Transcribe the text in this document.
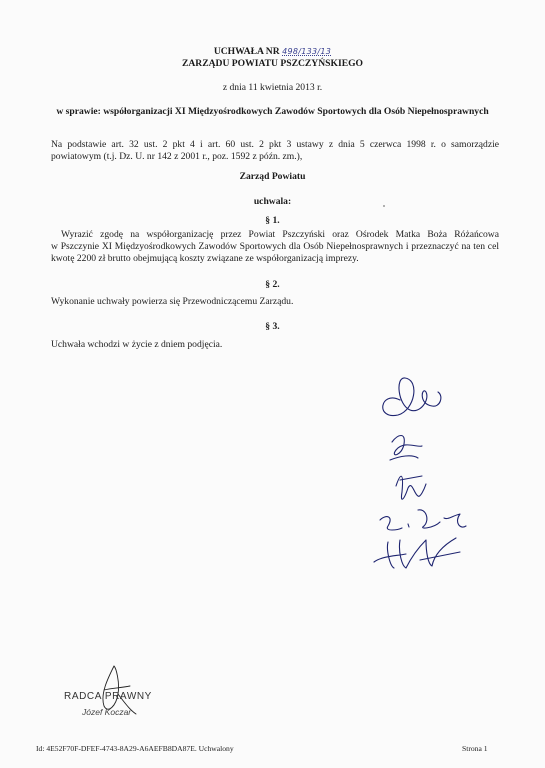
UCHWAŁA NR 498/133/13
ZARZĄDU POWIATU PSZCZYŃSKIEGO
z dnia 11 kwietnia 2013 r.
w sprawie: współorganizacji XI Międzyośrodkowych Zawodów Sportowych dla Osób Niepełnosprawnych
Na podstawie art. 32 ust. 2 pkt 4 i art. 60 ust. 2 pkt 3 ustawy z dnia 5 czerwca 1998 r. o samorządzie
powiatowym (t.j. Dz. U. nr 142 z 2001 r., poz. 1592 z późn. zm.),
Zarząd Powiatu
uchwala:
§ 1.
Wyrazić zgodę na współorganizację przez Powiat Pszczyński oraz Ośrodek Matka Boża Różańcowa
w Pszczynie XI Międzyośrodkowych Zawodów Sportowych dla Osób Niepełnosprawnych i przeznaczyć na ten cel
kwotę 2200 zł brutto obejmującą koszty związane ze współorganizacją imprezy.
§ 2.
Wykonanie uchwały powierza się Przewodniczącemu Zarządu.
§ 3.
Uchwała wchodzi w życie z dniem podjęcia.
RADCA PRAWNY
Józef Koczar
Id: 4E52F70F-DFEF-4743-8A29-A6AEFB8DA87E. Uchwalony	Strona 1
